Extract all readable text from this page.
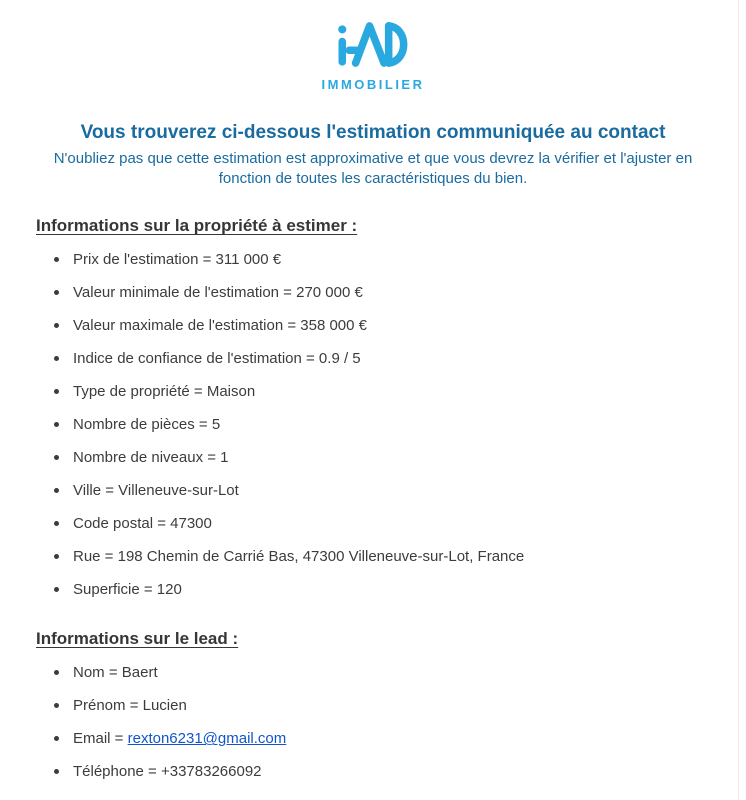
IMMOBILIER
Vous trouverez ci-dessous l'estimation communiquée au contact
N'oubliez pas que cette estimation est approximative et que vous devrez la vérifier et l'ajuster en fonction de toutes les caractéristiques du bien.
Informations sur la propriété à estimer :
Prix de l'estimation = 311 000 €
Valeur minimale de l'estimation = 270 000 €
Valeur maximale de l'estimation = 358 000 €
Indice de confiance de l'estimation = 0.9 / 5
Type de propriété = Maison
Nombre de pièces = 5
Nombre de niveaux = 1
Ville = Villeneuve-sur-Lot
Code postal = 47300
Rue = 198 Chemin de Carrié Bas, 47300 Villeneuve-sur-Lot, France
Superficie = 120
Informations sur le lead :
Nom = Baert
Prénom = Lucien
Email = rexton6231@gmail.com
Téléphone = +33783266092
